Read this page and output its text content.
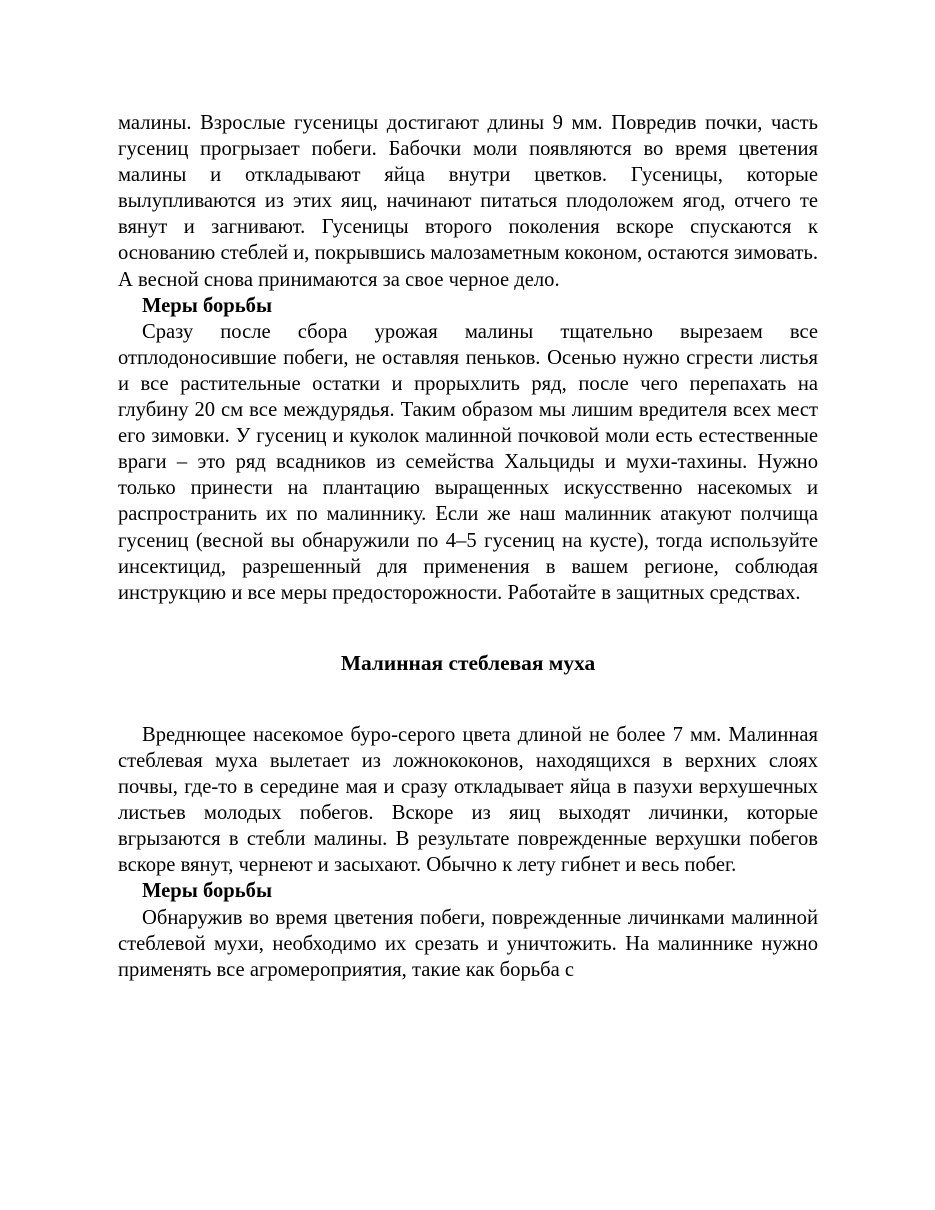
малины. Взрослые гусеницы достигают длины 9 мм. Повредив почки, часть гусениц прогрызает побеги. Бабочки моли появляются во время цветения малины и откладывают яйца внутри цветков. Гусеницы, которые вылупливаются из этих яиц, начинают питаться плодоложем ягод, отчего те вянут и загнивают. Гусеницы второго поколения вскоре спускаются к основанию стеблей и, покрывшись малозаметным коконом, остаются зимовать. А весной снова принимаются за свое черное дело.

Меры борьбы

Сразу после сбора урожая малины тщательно вырезаем все отплодоносившие побеги, не оставляя пеньков. Осенью нужно сгрести листья и все растительные остатки и прорыхлить ряд, после чего перепахать на глубину 20 см все междурядья. Таким образом мы лишим вредителя всех мест его зимовки. У гусениц и куколок малинной почковой моли есть естественные враги – это ряд всадников из семейства Хальциды и мухи-тахины. Нужно только принести на плантацию выращенных искусственно насекомых и распространить их по малиннику. Если же наш малинник атакуют полчища гусениц (весной вы обнаружили по 4–5 гусениц на кусте), тогда используйте инсектицид, разрешенный для применения в вашем регионе, соблюдая инструкцию и все меры предосторожности. Работайте в защитных средствах.

Малинная стеблевая муха

Вреднющее насекомое буро-серого цвета длиной не более 7 мм. Малинная стеблевая муха вылетает из ложнококонов, находящихся в верхних слоях почвы, где-то в середине мая и сразу откладывает яйца в пазухи верхушечных листьев молодых побегов. Вскоре из яиц выходят личинки, которые вгрызаются в стебли малины. В результате поврежденные верхушки побегов вскоре вянут, чернеют и засыхают. Обычно к лету гибнет и весь побег.

Меры борьбы

Обнаружив во время цветения побеги, поврежденные личинками малинной стеблевой мухи, необходимо их срезать и уничтожить. На малиннике нужно применять все агромероприятия, такие как борьба с
